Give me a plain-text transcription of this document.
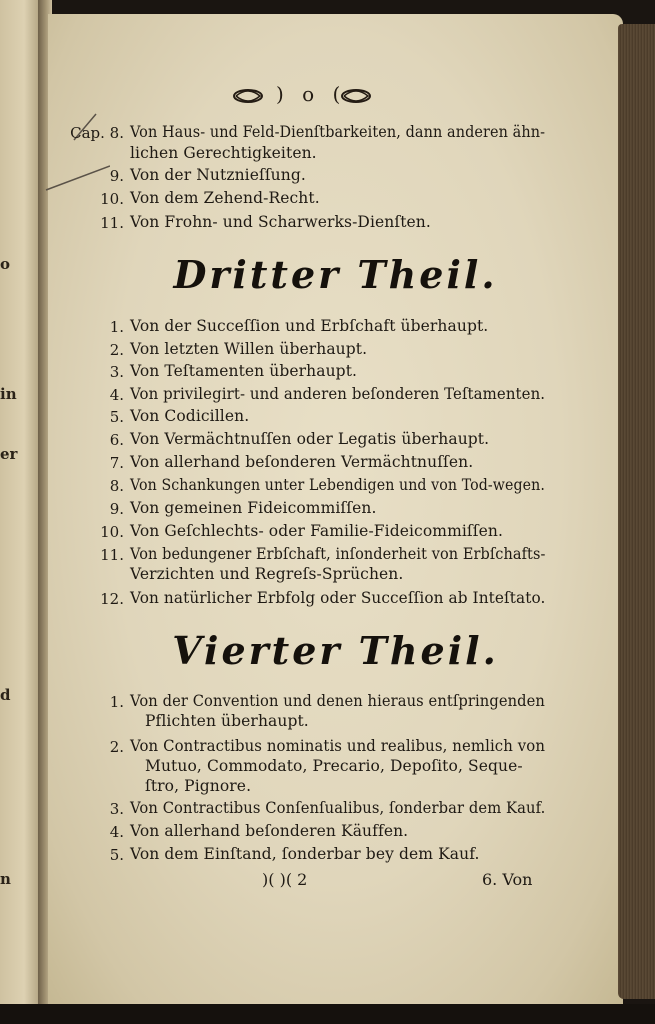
in
er
o
n
d
) o (
Cap. 8. Von Haus- und Feld-Dienſtbarkeiten, dann anderen ähn-
lichen Gerechtigkeiten.
9. Von der Nutznieſſung.
10. Von dem Zehend-Recht.
11. Von Frohn- und Scharwerks-Dienſten.
Dritter Theil.
1. Von der Succeſſion und Erbſchaft überhaupt.
2. Von letzten Willen überhaupt.
3. Von Teſtamenten überhaupt.
4. Von privilegirt- und anderen beſonderen Teſtamenten.
5. Von Codicillen.
6. Von Vermächtnuſſen oder Legatis überhaupt.
7. Von allerhand beſonderen Vermächtnuſſen.
8. Von Schankungen unter Lebendigen und von Tod-wegen.
9. Von gemeinen Fideicommiſſen.
10. Von Geſchlechts- oder Familie-Fideicommiſſen.
11. Von bedungener Erbſchaft, inſonderheit von Erbſchafts-
Verzichten und Regreſs-Sprüchen.
12. Von natürlicher Erbfolg oder Succeſſion ab Inteſtato.
Vierter Theil.
1. Von der Convention und denen hieraus entſpringenden
Pflichten überhaupt.
2. Von Contractibus nominatis und realibus, nemlich von
Mutuo, Commodato, Precario, Depoſito, Seque-
ſtro, Pignore.
3. Von Contractibus Conſenſualibus, ſonderbar dem Kauf.
4. Von allerhand beſonderen Käuffen.
5. Von dem Einſtand, ſonderbar bey dem Kauf.
)( )( 2	6. Von
